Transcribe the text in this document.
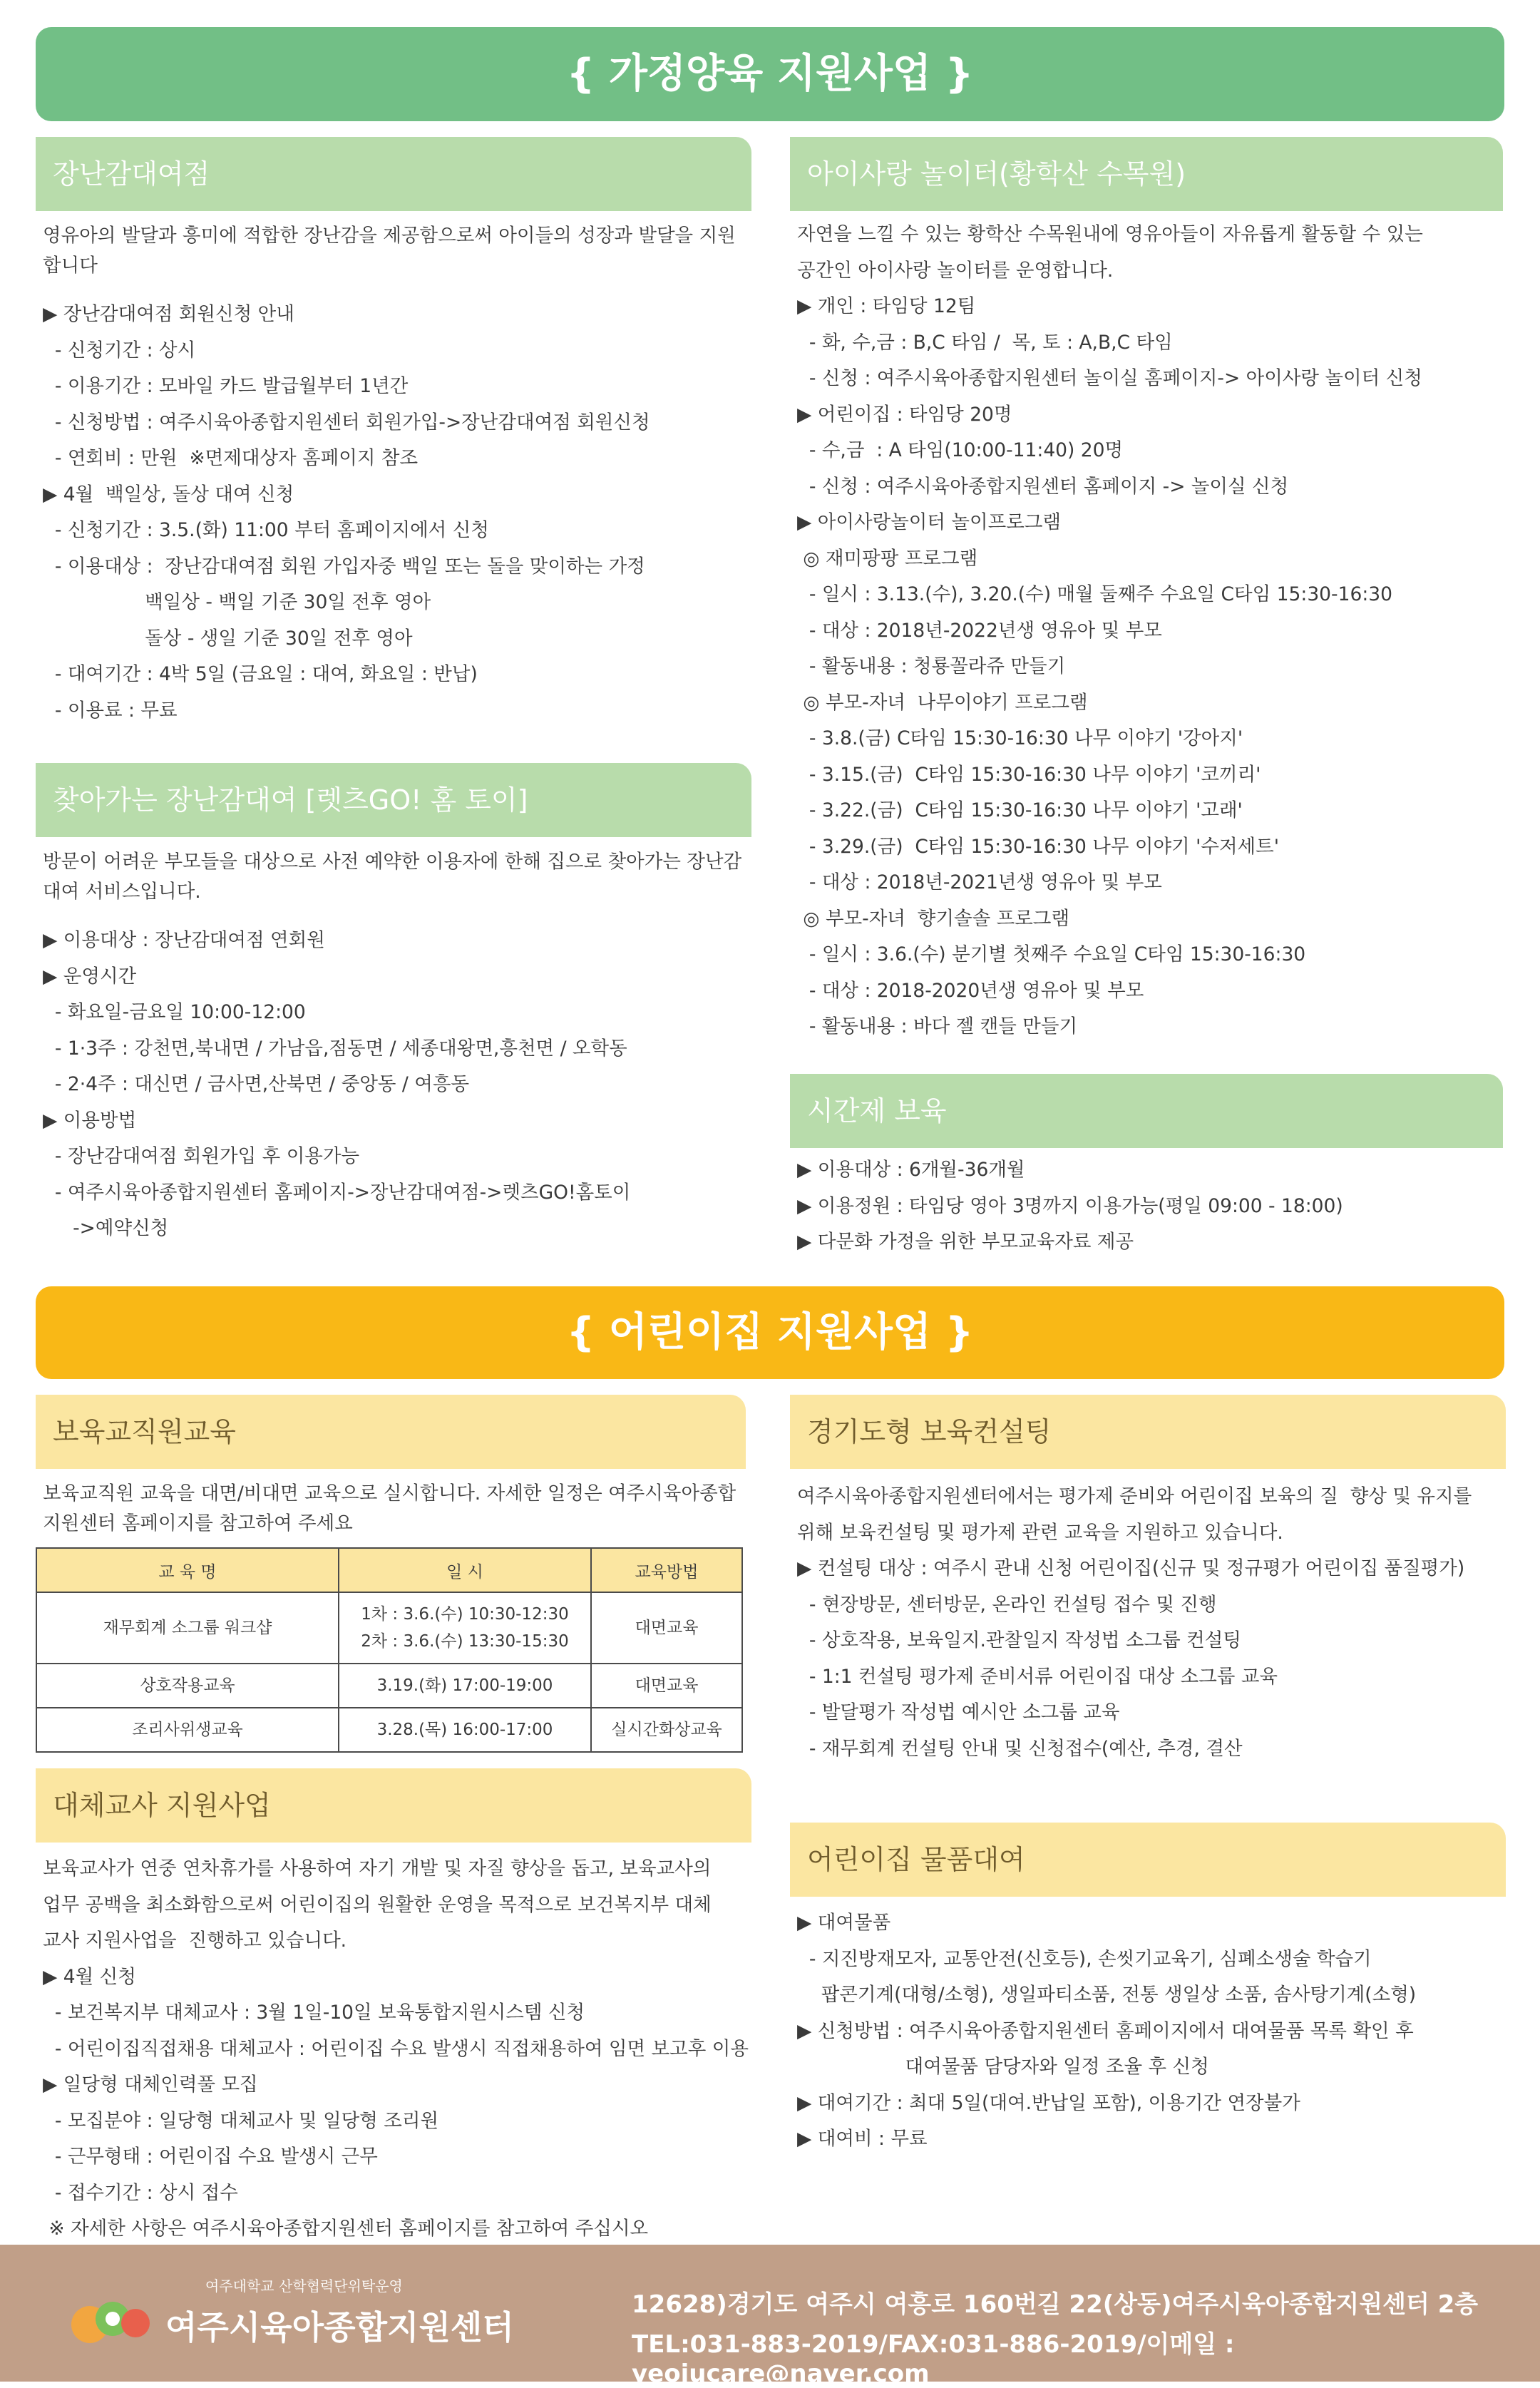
{ 가정양육 지원사업 }
장난감대여점
영유아의 발달과 흥미에 적합한 장난감을 제공함으로써 아이들의 성장과 발달을 지원합니다
▶ 장난감대여점 회원신청 안내
- 신청기간 : 상시
- 이용기간 : 모바일 카드 발급월부터 1년간
- 신청방법 : 여주시육아종합지원센터 회원가입->장난감대여점 회원신청
- 연회비 : 만원  ※면제대상자 홈페이지 참조
▶ 4월  백일상, 돌상 대여 신청
- 신청기간 : 3.5.(화) 11:00 부터 홈페이지에서 신청
- 이용대상 :  장난감대여점 회원 가입자중 백일 또는 돌을 맞이하는 가정
백일상 - 백일 기준 30일 전후 영아
돌상 - 생일 기준 30일 전후 영아
- 대여기간 : 4박 5일 (금요일 : 대여, 화요일 : 반납)
- 이용료 : 무료
찾아가는 장난감대여 [렛츠GO! 홈 토이]
방문이 어려운 부모들을 대상으로 사전 예약한 이용자에 한해 집으로 찾아가는 장난감 대여 서비스입니다.
▶ 이용대상 : 장난감대여점 연회원
▶ 운영시간
- 화요일-금요일 10:00-12:00
- 1·3주 : 강천면,북내면 / 가남읍,점동면 / 세종대왕면,흥천면 / 오학동
- 2·4주 : 대신면 / 금사면,산북면 / 중앙동 / 여흥동
▶ 이용방법
- 장난감대여점 회원가입 후 이용가능
- 여주시육아종합지원센터 홈페이지->장난감대여점->렛츠GO!홈토이
->예약신청
아이사랑 놀이터(황학산 수목원)
자연을 느낄 수 있는 황학산 수목원내에 영유아들이 자유롭게 활동할 수 있는
공간인 아이사랑 놀이터를 운영합니다.
▶ 개인 : 타임당 12팀
- 화, 수,금 : B,C 타임 /  목, 토 : A,B,C 타임
- 신청 : 여주시육아종합지원센터 놀이실 홈페이지-> 아이사랑 놀이터 신청
▶ 어린이집 : 타임당 20명
- 수,금  : A 타임(10:00-11:40) 20명
- 신청 : 여주시육아종합지원센터 홈페이지 -> 놀이실 신청
▶ 아이사랑놀이터 놀이프로그램
◎ 재미팡팡 프로그램
- 일시 : 3.13.(수), 3.20.(수) 매월 둘째주 수요일 C타임 15:30-16:30
- 대상 : 2018년-2022년생 영유아 및 부모
- 활동내용 : 청룡꼴라쥬 만들기
◎ 부모-자녀  나무이야기 프로그램
- 3.8.(금) C타임 15:30-16:30 나무 이야기 '강아지'
- 3.15.(금)  C타임 15:30-16:30 나무 이야기 '코끼리'
- 3.22.(금)  C타임 15:30-16:30 나무 이야기 '고래'
- 3.29.(금)  C타임 15:30-16:30 나무 이야기 '수저세트'
- 대상 : 2018년-2021년생 영유아 및 부모
◎ 부모-자녀  향기솔솔 프로그램
- 일시 : 3.6.(수) 분기별 첫째주 수요일 C타임 15:30-16:30
- 대상 : 2018-2020년생 영유아 및 부모
- 활동내용 : 바다 젤 캔들 만들기
시간제 보육
▶ 이용대상 : 6개월-36개월
▶ 이용정원 : 타임당 영아 3명까지 이용가능(평일 09:00 - 18:00)
▶ 다문화 가정을 위한 부모교육자료 제공
{ 어린이집 지원사업 }
보육교직원교육
보육교직원 교육을 대면/비대면 교육으로 실시합니다. 자세한 일정은 여주시육아종합지원센터 홈페이지를 참고하여 주세요
교 육 명	일 시	교육방법
재무회계 소그룹 워크샵	1차 : 3.6.(수) 10:30-12:30
2차 : 3.6.(수) 13:30-15:30	대면교육
상호작용교육	3.19.(화) 17:00-19:00	대면교육
조리사위생교육	3.28.(목) 16:00-17:00	실시간화상교육
대체교사 지원사업
보육교사가 연중 연차휴가를 사용하여 자기 개발 및 자질 향상을 돕고, 보육교사의
업무 공백을 최소화함으로써 어린이집의 원활한 운영을 목적으로 보건복지부 대체
교사 지원사업을  진행하고 있습니다.
▶ 4월 신청
- 보건복지부 대체교사 : 3월 1일-10일 보육통합지원시스템 신청
- 어린이집직접채용 대체교사 : 어린이집 수요 발생시 직접채용하여 임면 보고후 이용
▶ 일당형 대체인력풀 모집
- 모집분야 : 일당형 대체교사 및 일당형 조리원
- 근무형태 : 어린이집 수요 발생시 근무
- 접수기간 : 상시 접수
※ 자세한 사항은 여주시육아종합지원센터 홈페이지를 참고하여 주십시오
경기도형 보육컨설팅
여주시육아종합지원센터에서는 평가제 준비와 어린이집 보육의 질  향상 및 유지를
위해 보육컨설팅 및 평가제 관련 교육을 지원하고 있습니다.
▶ 컨설팅 대상 : 여주시 관내 신청 어린이집(신규 및 정규평가 어린이집 품질평가)
- 현장방문, 센터방문, 온라인 컨설팅 접수 및 진행
- 상호작용, 보육일지.관찰일지 작성법 소그룹 컨설팅
- 1:1 컨설팅 평가제 준비서류 어린이집 대상 소그룹 교육
- 발달평가 작성법 예시안 소그룹 교육
- 재무회계 컨설팅 안내 및 신청접수(예산, 추경, 결산
어린이집 물품대여
▶ 대여물품
- 지진방재모자, 교통안전(신호등), 손씻기교육기, 심폐소생술 학습기
팝콘기계(대형/소형), 생일파티소품, 전통 생일상 소품, 솜사탕기계(소형)
▶ 신청방법 : 여주시육아종합지원센터 홈페이지에서 대여물품 목록 확인 후
대여물품 담당자와 일정 조율 후 신청
▶ 대여기간 : 최대 5일(대여.반납일 포함), 이용기간 연장불가
▶ 대여비 : 무료
여주대학교 산학협력단위탁운영
여주시육아종합지원센터
12628)경기도 여주시 여흥로 160번길 22(상동)여주시육아종합지원센터 2층
TEL:031-883-2019/FAX:031-886-2019/이메일 : yeojucare@naver.com
